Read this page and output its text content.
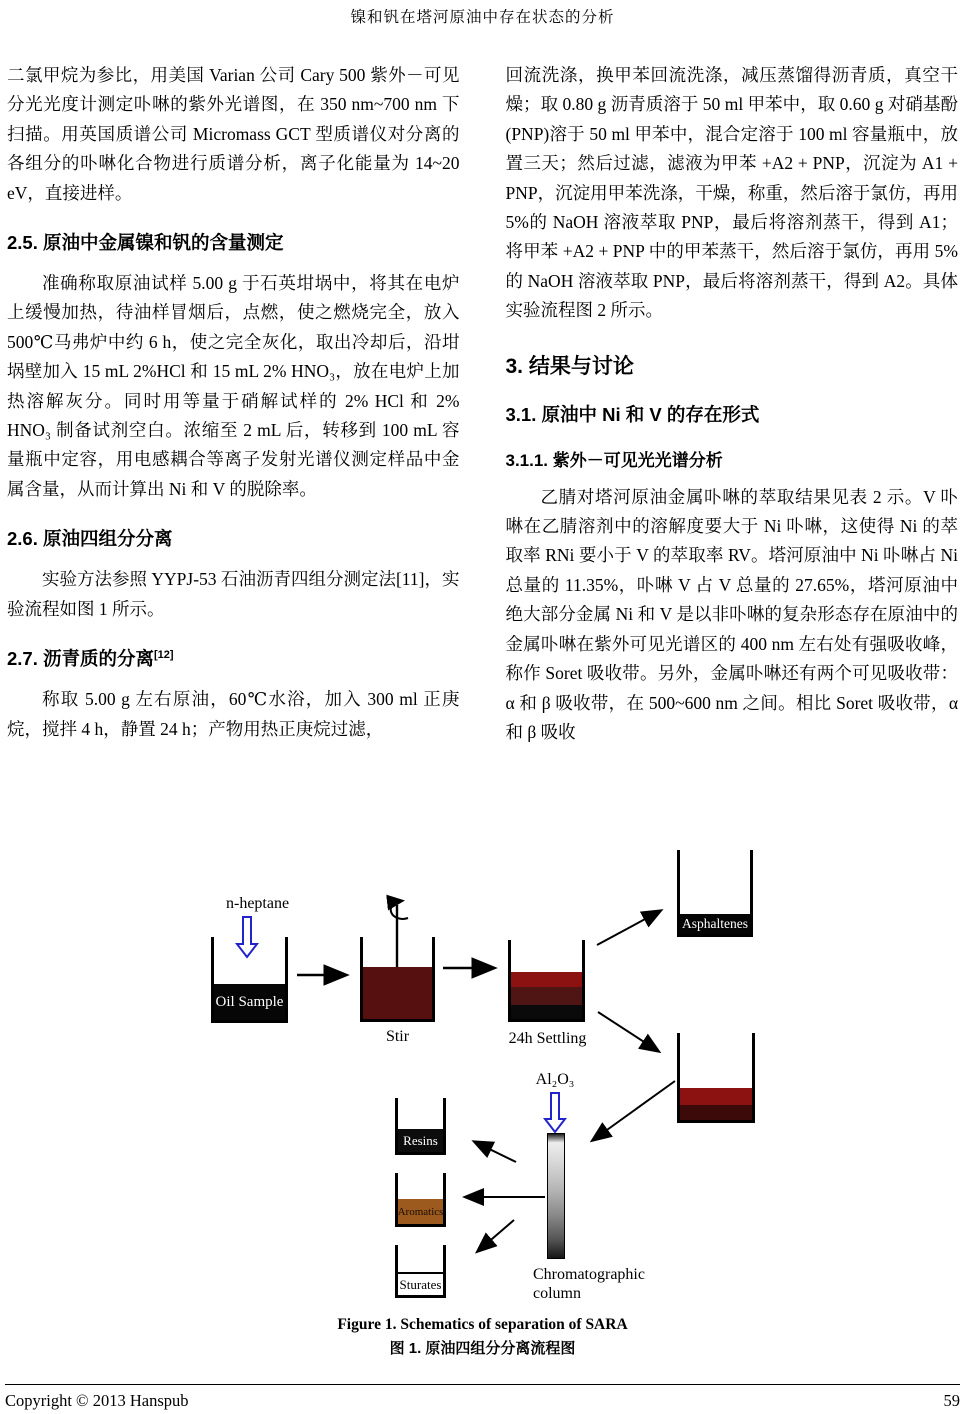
镍和钒在塔河原油中存在状态的分析

二氯甲烷为参比，用美国 Varian 公司 Cary 500 紫外－可见分光光度计测定卟啉的紫外光谱图，在 350 nm~700 nm 下扫描。用英国质谱公司 Micromass GCT 型质谱仪对分离的各组分的卟啉化合物进行质谱分析，离子化能量为 14~20 eV，直接进样。

2.5. 原油中金属镍和钒的含量测定

准确称取原油试样 5.00 g 于石英坩埚中，将其在电炉上缓慢加热，待油样冒烟后，点燃，使之燃烧完全，放入 500℃马弗炉中约 6 h，使之完全灰化，取出冷却后，沿坩埚壁加入 15 mL 2%HCl 和 15 mL 2% HNO₃，放在电炉上加热溶解灰分。同时用等量于硝解试样的 2% HCl 和 2% HNO₃ 制备试剂空白。浓缩至 2 mL 后，转移到 100 mL 容量瓶中定容，用电感耦合等离子发射光谱仪测定样品中金属含量，从而计算出 Ni 和 V 的脱除率。

2.6. 原油四组分分离

实验方法参照 YYPJ-53 石油沥青四组分测定法[11]，实验流程如图 1 所示。

2.7. 沥青质的分离[12]

称取 5.00 g 左右原油，60℃水浴，加入 300 ml 正庚烷，搅拌 4 h，静置 24 h；产物用热正庚烷过滤，

回流洗涤，换甲苯回流洗涤，减压蒸馏得沥青质，真空干燥；取 0.80 g 沥青质溶于 50 ml 甲苯中，取 0.60 g 对硝基酚(PNP)溶于 50 ml 甲苯中，混合定溶于 100 ml 容量瓶中，放置三天；然后过滤，滤液为甲苯 +A2 + PNP，沉淀为 A1 + PNP，沉淀用甲苯洗涤，干燥，称重，然后溶于氯仿，再用 5%的 NaOH 溶液萃取 PNP，最后将溶剂蒸干，得到 A1；将甲苯 +A2 + PNP 中的甲苯蒸干，然后溶于氯仿，再用 5%的 NaOH 溶液萃取 PNP，最后将溶剂蒸干，得到 A2。具体实验流程图 2 所示。

3. 结果与讨论
3.1. 原油中 Ni 和 V 的存在形式
3.1.1. 紫外－可见光光谱分析

乙腈对塔河原油金属卟啉的萃取结果见表 2 示。V 卟啉在乙腈溶剂中的溶解度要大于 Ni 卟啉，这使得 Ni 的萃取率 RNi 要小于 V 的萃取率 RV。塔河原油中 Ni 卟啉占 Ni 总量的 11.35%，卟啉 V 占 V 总量的 27.65%，塔河原油中绝大部分金属 Ni 和 V 是以非卟啉的复杂形态存在原油中的金属卟啉在紫外可见光谱区的 400 nm 左右处有强吸收峰，称作 Soret 吸收带。另外，金属卟啉还有两个可见吸收带：α 和 β 吸收带，在 500~600 nm 之间。相比 Soret 吸收带，α 和 β 吸收

n-heptane
Oil Sample
Stir	24h Settling
Asphaltenes
Al₂O₃
Chromatographic
column
Resins
Aromatics
Sturates
Figure 1. Schematics of separation of SARA
图 1. 原油四组分分离流程图
Copyright © 2013 Hanspub	59
